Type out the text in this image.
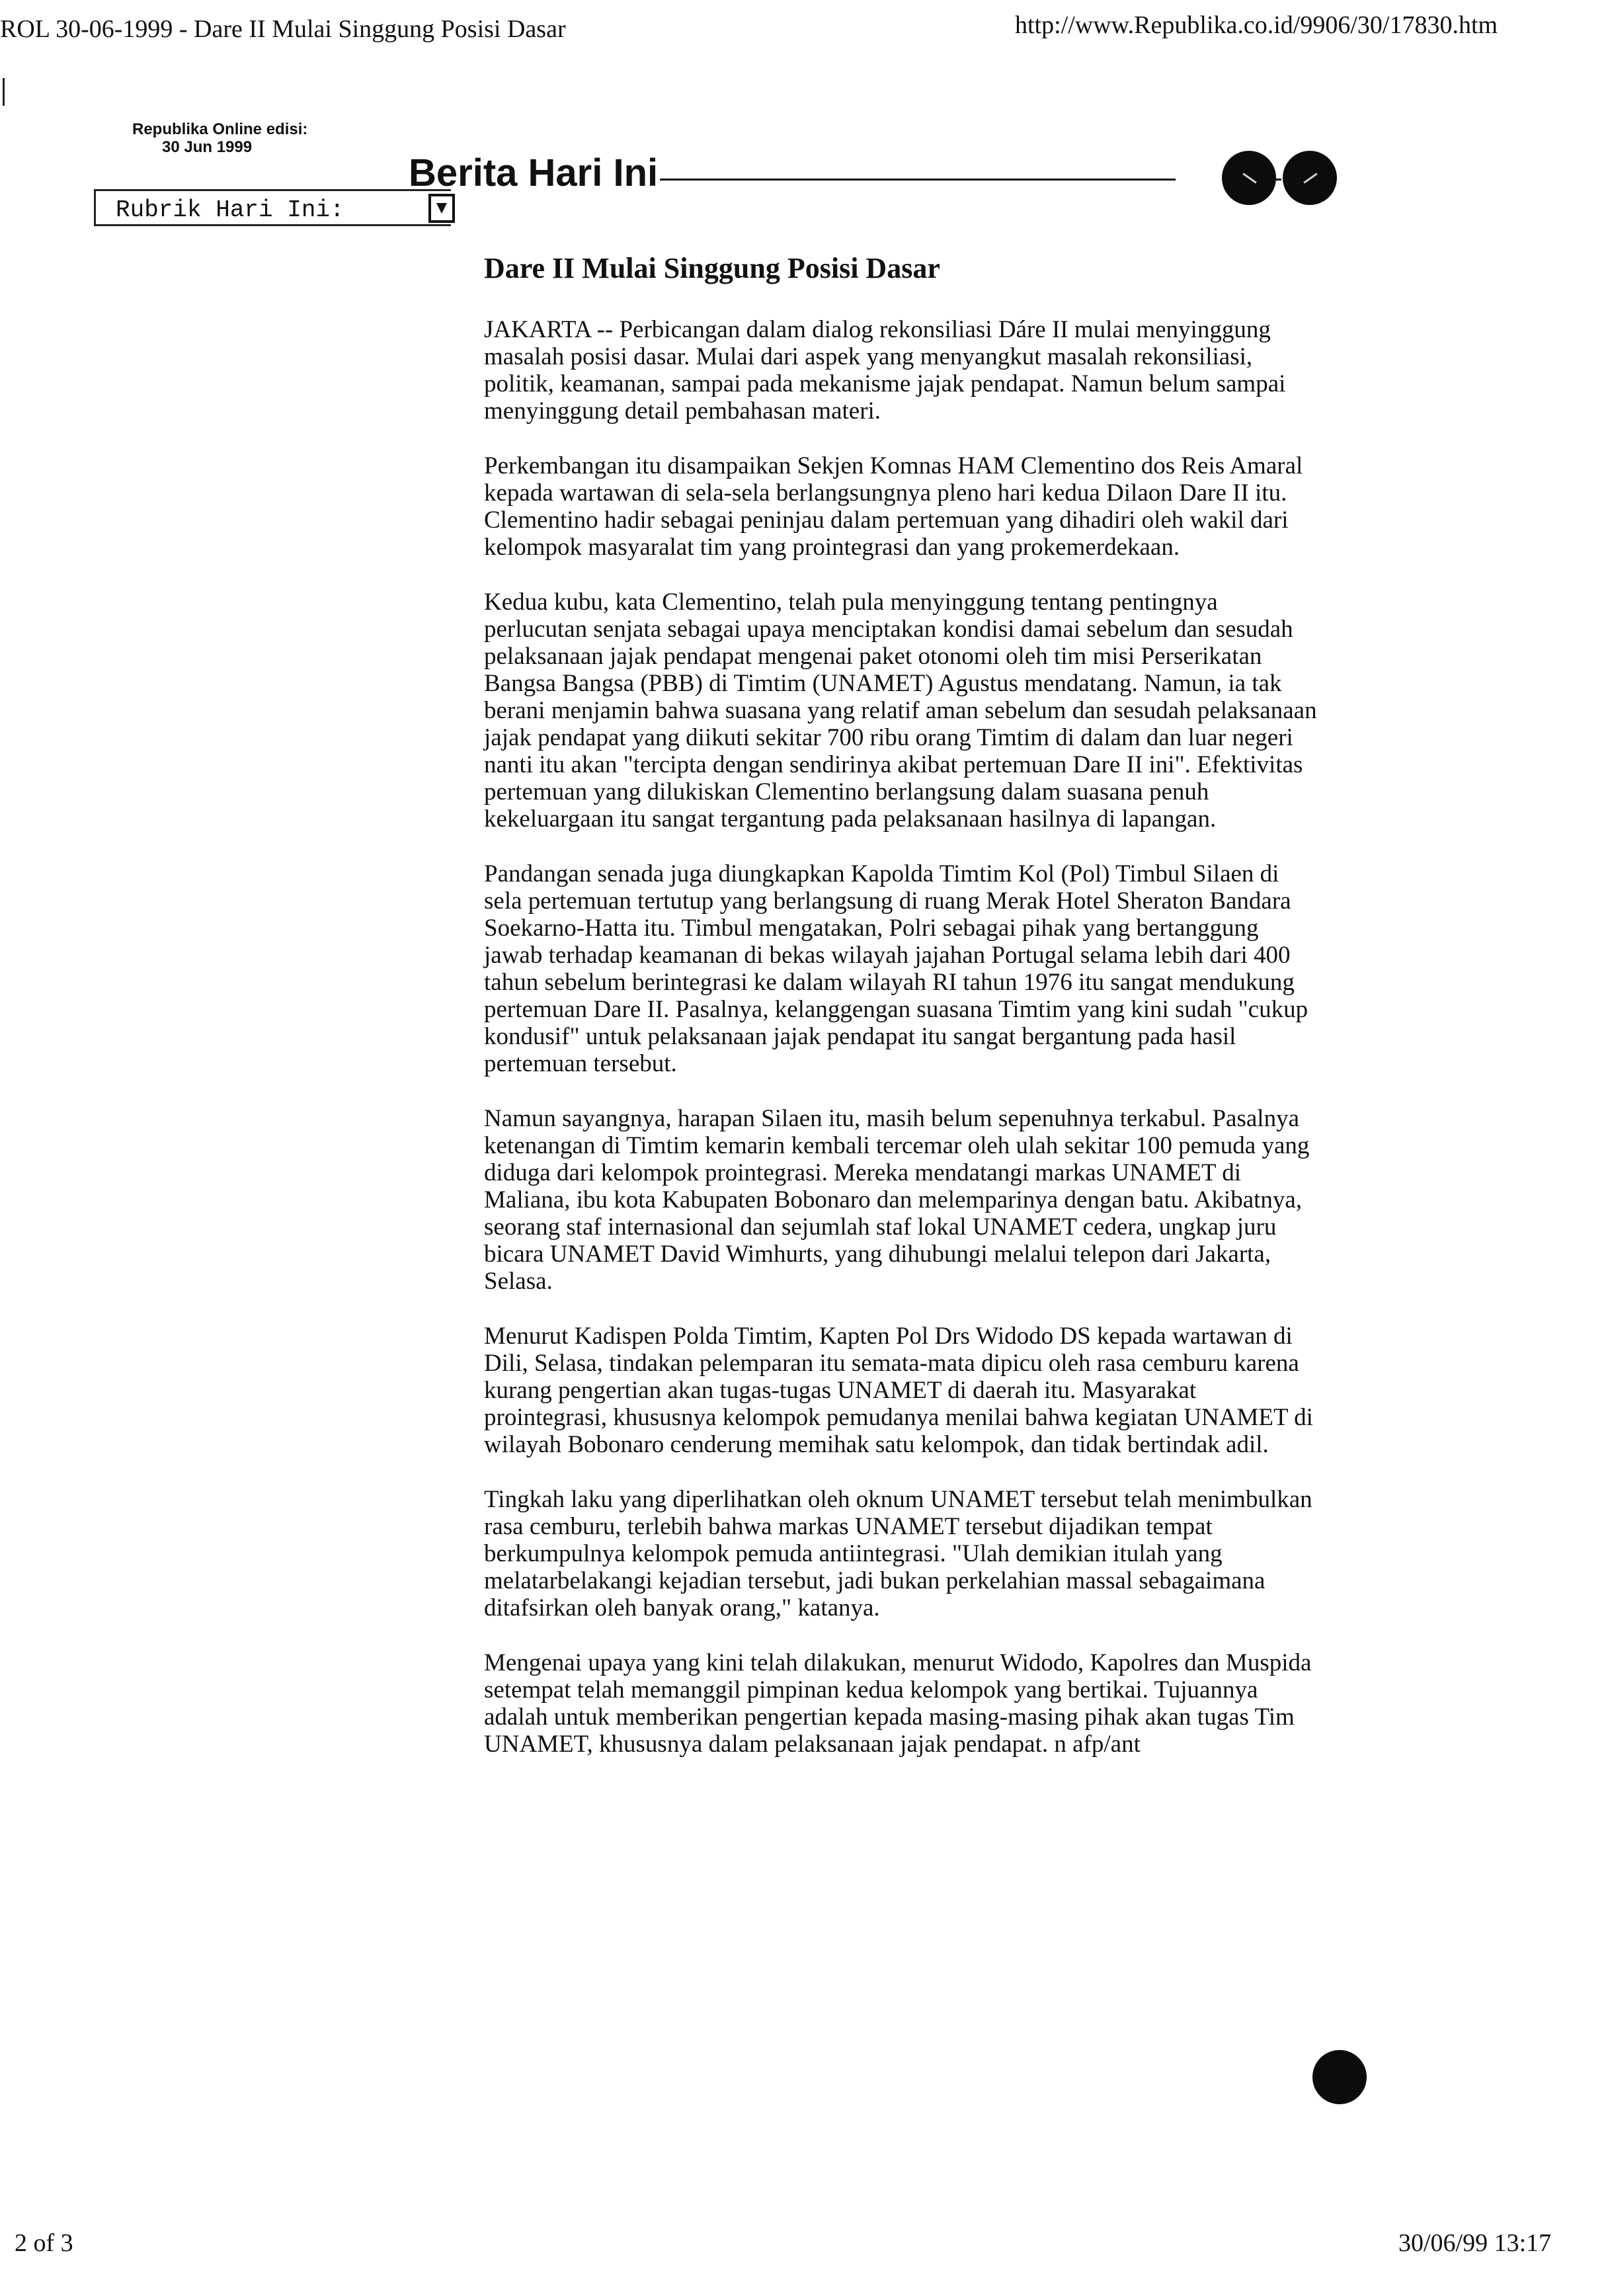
ROL 30-06-1999 - Dare II Mulai Singgung Posisi Dasar	http://www.Republika.co.id/9906/30/17830.htm
Republika Online edisi:
30 Jun 1999
Rubrik Hari Ini:
Berita Hari Ini
Dare II Mulai Singgung Posisi Dasar

JAKARTA -- Perbicangan dalam dialog rekonsiliasi Dáre II mulai menyinggung masalah posisi dasar. Mulai dari aspek yang menyangkut masalah rekonsiliasi, politik, keamanan, sampai pada mekanisme jajak pendapat. Namun belum sampai menyinggung detail pembahasan materi.

Perkembangan itu disampaikan Sekjen Komnas HAM Clementino dos Reis Amaral kepada wartawan di sela-sela berlangsungnya pleno hari kedua Dilaon Dare II itu. Clementino hadir sebagai peninjau dalam pertemuan yang dihadiri oleh wakil dari kelompok masyaralat tim yang prointegrasi dan yang prokemerdekaan.

Kedua kubu, kata Clementino, telah pula menyinggung tentang pentingnya perlucutan senjata sebagai upaya menciptakan kondisi damai sebelum dan sesudah pelaksanaan jajak pendapat mengenai paket otonomi oleh tim misi Perserikatan Bangsa Bangsa (PBB) di Timtim (UNAMET) Agustus mendatang. Namun, ia tak berani menjamin bahwa suasana yang relatif aman sebelum dan sesudah pelaksanaan jajak pendapat yang diikuti sekitar 700 ribu orang Timtim di dalam dan luar negeri nanti itu akan "tercipta dengan sendirinya akibat pertemuan Dare II ini". Efektivitas pertemuan yang dilukiskan Clementino berlangsung dalam suasana penuh kekeluargaan itu sangat tergantung pada pelaksanaan hasilnya di lapangan.

Pandangan senada juga diungkapkan Kapolda Timtim Kol (Pol) Timbul Silaen di sela pertemuan tertutup yang berlangsung di ruang Merak Hotel Sheraton Bandara Soekarno-Hatta itu. Timbul mengatakan, Polri sebagai pihak yang bertanggung jawab terhadap keamanan di bekas wilayah jajahan Portugal selama lebih dari 400 tahun sebelum berintegrasi ke dalam wilayah RI tahun 1976 itu sangat mendukung pertemuan Dare II. Pasalnya, kelanggengan suasana Timtim yang kini sudah "cukup kondusif" untuk pelaksanaan jajak pendapat itu sangat bergantung pada hasil pertemuan tersebut.

Namun sayangnya, harapan Silaen itu, masih belum sepenuhnya terkabul. Pasalnya ketenangan di Timtim kemarin kembali tercemar oleh ulah sekitar 100 pemuda yang diduga dari kelompok prointegrasi. Mereka mendatangi markas UNAMET di Maliana, ibu kota Kabupaten Bobonaro dan melemparinya dengan batu. Akibatnya, seorang staf internasional dan sejumlah staf lokal UNAMET cedera, ungkap juru bicara UNAMET David Wimhurts, yang dihubungi melalui telepon dari Jakarta, Selasa.

Menurut Kadispen Polda Timtim, Kapten Pol Drs Widodo DS kepada wartawan di Dili, Selasa, tindakan pelemparan itu semata-mata dipicu oleh rasa cemburu karena kurang pengertian akan tugas-tugas UNAMET di daerah itu. Masyarakat prointegrasi, khususnya kelompok pemudanya menilai bahwa kegiatan UNAMET di wilayah Bobonaro cenderung memihak satu kelompok, dan tidak bertindak adil.

Tingkah laku yang diperlihatkan oleh oknum UNAMET tersebut telah menimbulkan rasa cemburu, terlebih bahwa markas UNAMET tersebut dijadikan tempat berkumpulnya kelompok pemuda antiintegrasi. "Ulah demikian itulah yang melatarbelakangi kejadian tersebut, jadi bukan perkelahian massal sebagaimana ditafsirkan oleh banyak orang," katanya.

Mengenai upaya yang kini telah dilakukan, menurut Widodo, Kapolres dan Muspida setempat telah memanggil pimpinan kedua kelompok yang bertikai. Tujuannya adalah untuk memberikan pengertian kepada masing-masing pihak akan tugas Tim UNAMET, khususnya dalam pelaksanaan jajak pendapat. n afp/ant

2 of 3	30/06/99 13:17
